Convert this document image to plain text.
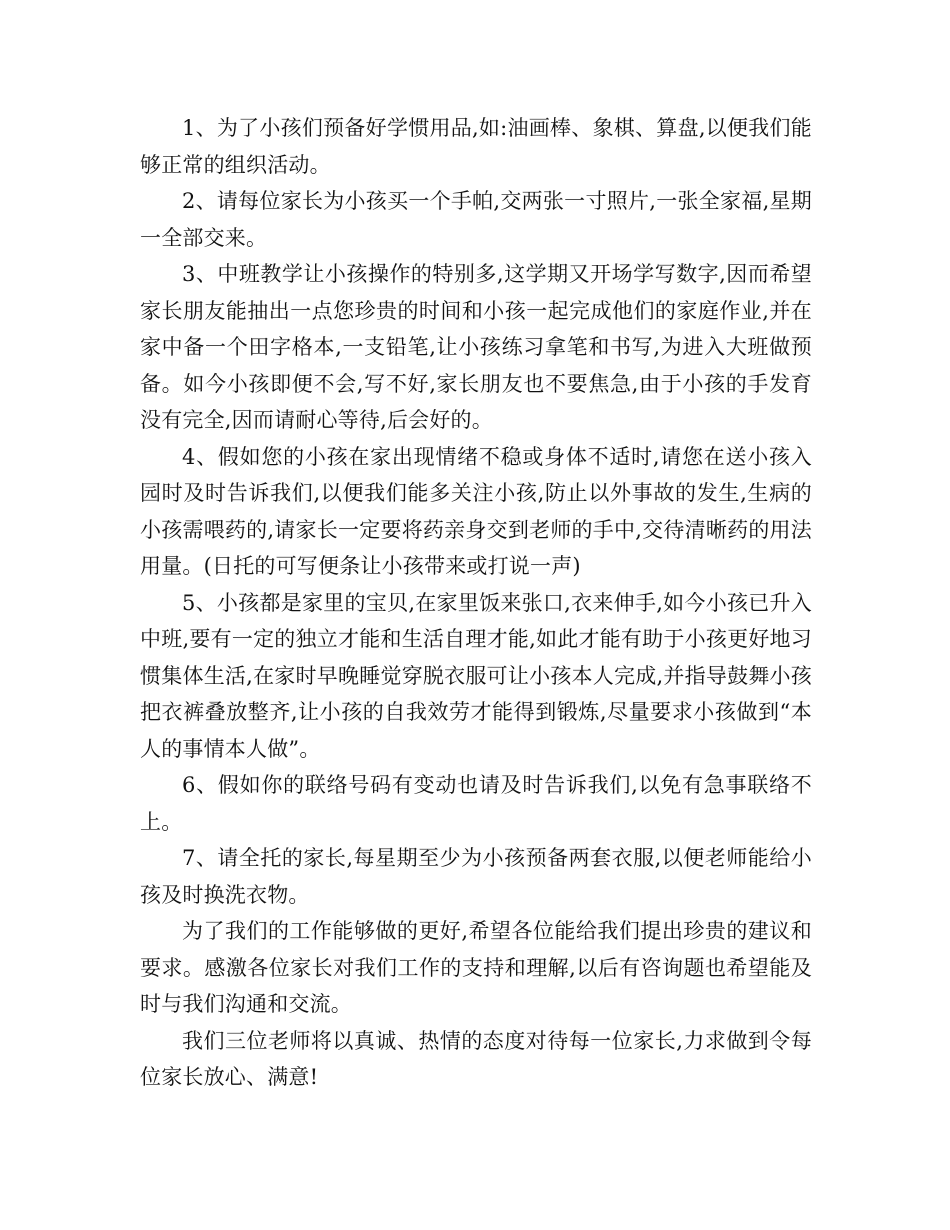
1、为了小孩们预备好学惯用品,如:油画棒、象棋、算盘,以便我们能够正常的组织活动。

2、请每位家长为小孩买一个手帕,交两张一寸照片,一张全家福,星期一全部交来。

3、中班教学让小孩操作的特别多,这学期又开场学写数字,因而希望家长朋友能抽出一点您珍贵的时间和小孩一起完成他们的家庭作业,并在家中备一个田字格本,一支铅笔,让小孩练习拿笔和书写,为进入大班做预备。如今小孩即便不会,写不好,家长朋友也不要焦急,由于小孩的手发育没有完全,因而请耐心等待,后会好的。

4、假如您的小孩在家出现情绪不稳或身体不适时,请您在送小孩入园时及时告诉我们,以便我们能多关注小孩,防止以外事故的发生,生病的小孩需喂药的,请家长一定要将药亲身交到老师的手中,交待清晰药的用法用量。(日托的可写便条让小孩带来或打说一声)

5、小孩都是家里的宝贝,在家里饭来张口,衣来伸手,如今小孩已升入中班,要有一定的独立才能和生活自理才能,如此才能有助于小孩更好地习惯集体生活,在家时早晚睡觉穿脱衣服可让小孩本人完成,并指导鼓舞小孩把衣裤叠放整齐,让小孩的自我效劳才能得到锻炼,尽量要求小孩做到“本人的事情本人做”。

6、假如你的联络号码有变动也请及时告诉我们,以免有急事联络不上。

7、请全托的家长,每星期至少为小孩预备两套衣服,以便老师能给小孩及时换洗衣物。

为了我们的工作能够做的更好,希望各位能给我们提出珍贵的建议和要求。感激各位家长对我们工作的支持和理解,以后有咨询题也希望能及时与我们沟通和交流。

我们三位老师将以真诚、热情的态度对待每一位家长,力求做到令每位家长放心、满意!
